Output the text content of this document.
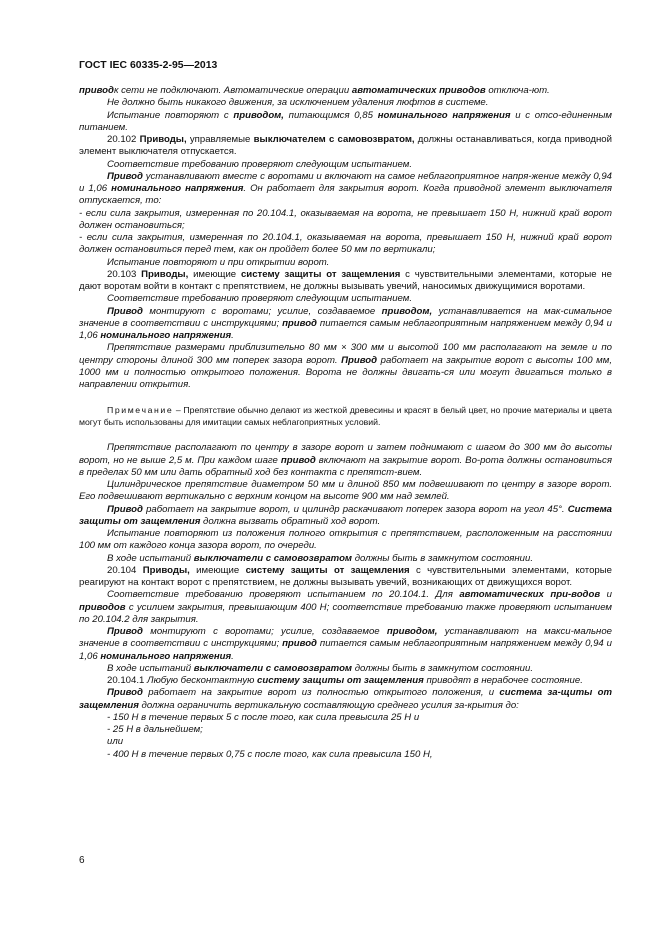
ГОСТ IEC 60335-2-95—2013

приводк сети не подключают. Автоматические операции автоматических приводов отключа-ют.

Не должно быть никакого движения, за исключением удаления люфтов в системе.

Испытание повторяют с приводом, питающимся 0,85 номинального напряжения и с отсо-единенным питанием.

20.102 Приводы, управляемые выключателем с самовозвратом, должны останавливаться, когда приводной элемент выключателя отпускается.

Соответствие требованию проверяют следующим испытанием.

Привод устанавливают вместе с воротами и включают на самое неблагоприятное напря-жение между 0,94 и 1,06 номинального напряжения. Он работает для закрытия ворот. Когда приводной элемент выключателя отпускается, то:

- если сила закрытия, измеренная по 20.104.1, оказываемая на ворота, не превышает 150 Н, нижний край ворот должен остановиться;

- если сила закрытия, измеренная по 20.104.1, оказываемая на ворота, превышает 150 Н, нижний край ворот должен остановиться перед тем, как он пройдет более 50 мм по вертикали;

Испытание повторяют и при открытии ворот.

20.103 Приводы, имеющие систему защиты от защемления с чувствительными элементами, которые не дают воротам войти в контакт с препятствием, не должны вызывать увечий, наносимых движущимися воротами.

Соответствие требованию проверяют следующим испытанием.

Привод монтируют с воротами; усилие, создаваемое приводом, устанавливается на мак-симальное значение в соответствии с инструкциями; привод питается самым неблагоприятным напряжением между 0,94 и 1,06 номинального напряжения.

Препятствие размерами приблизительно 80 мм × 300 мм и высотой 100 мм располагают на земле и по центру стороны длиной 300 мм поперек зазора ворот. Привод работает на закрытие ворот с высоты 100 мм, 1000 мм и полностью открытого положения. Ворота не должны двигать-ся или могут двигаться только в направлении открытия.

Примечание – Препятствие обычно делают из жесткой древесины и красят в белый цвет, но прочие материалы и цвета могут быть использованы для имитации самых неблагоприятных условий.

Препятствие располагают по центру в зазоре ворот и затем поднимают с шагом до 300 мм до высоты ворот, но не выше 2,5 м. При каждом шаге привод включают на закрытие ворот. Во-рота должны остановиться в пределах 50 мм или дать обратный ход без контакта с препятст-вием.

Цилиндрическое препятствие диаметром 50 мм и длиной 850 мм подвешивают по центру в зазоре ворот. Его подвешивают вертикально с верхним концом на высоте 900 мм над землей.

Привод работает на закрытие ворот, и цилиндр раскачивают поперек зазора ворот на угол 45°. Система защиты от защемления должна вызвать обратный ход ворот.

Испытание повторяют из положения полного открытия с препятствием, расположенным на расстоянии 100 мм от каждого конца зазора ворот, по очереди.

В ходе испытаний выключатели с самовозвратом должны быть в замкнутом состоянии.

20.104 Приводы, имеющие систему защиты от защемления с чувствительными элементами, которые реагируют на контакт ворот с препятствием, не должны вызывать увечий, возникающих от движущихся ворот.

Соответствие требованию проверяют испытанием по 20.104.1. Для автоматических при-водов и приводов с усилием закрытия, превышающим 400 Н; соответствие требованию также проверяют испытанием по 20.104.2 для закрытия.

Привод монтируют с воротами; усилие, создаваемое приводом, устанавливают на макси-мальное значение в соответствии с инструкциями; привод питается самым неблагоприятным напряжением между 0,94 и 1,06 номинального напряжения.

В ходе испытаний выключатели с самовозвратом должны быть в замкнутом состоянии.

20.104.1 Любую бесконтактную систему защиты от защемления приводят в нерабочее состояние.

Привод работает на закрытие ворот из полностью открытого положения, и система за-щиты от защемления должна ограничить вертикальную составляющую среднего усилия за-крытия до:

- 150 Н в течение первых 5 с после того, как сила превысила 25 Н и

- 25 Н в дальнейшем;

или

- 400 Н в течение первых 0,75 с после того, как сила превысила 150 Н,

6
